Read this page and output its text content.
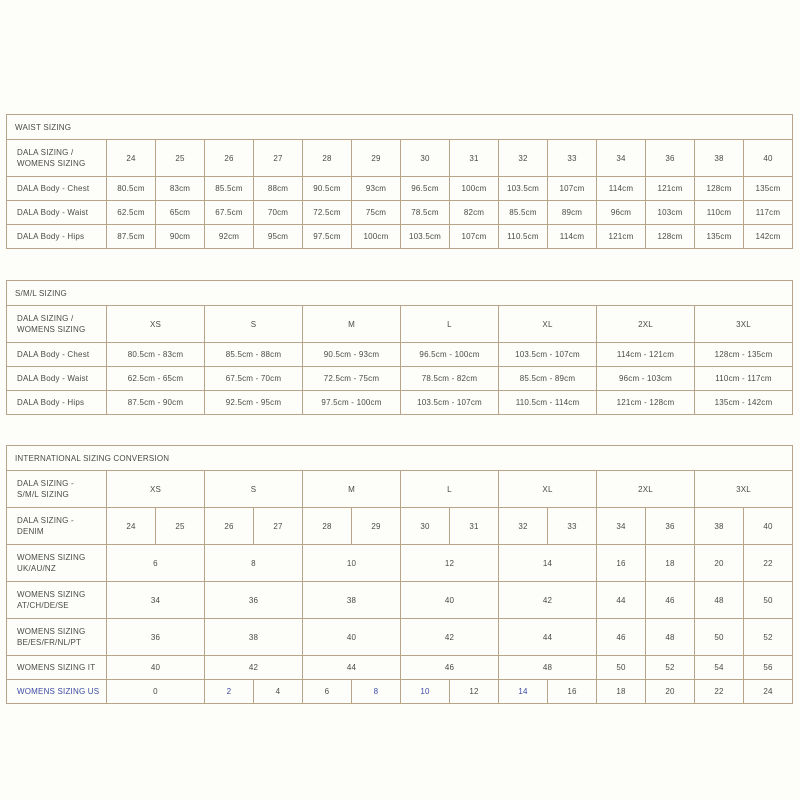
WAIST SIZING														
DALA SIZING /
WOMENS SIZING	24	25	26	27	28	29	30	31	32	33	34	36	38	40
DALA Body - Chest	80.5cm	83cm	85.5cm	88cm	90.5cm	93cm	96.5cm	100cm	103.5cm	107cm	114cm	121cm	128cm	135cm
DALA Body - Waist	62.5cm	65cm	67.5cm	70cm	72.5cm	75cm	78.5cm	82cm	85.5cm	89cm	96cm	103cm	110cm	117cm
DALA Body - Hips	87.5cm	90cm	92cm	95cm	97.5cm	100cm	103.5cm	107cm	110.5cm	114cm	121cm	128cm	135cm	142cm
S/M/L SIZING							
DALA SIZING /
WOMENS SIZING	XS	S	M	L	XL	2XL	3XL
DALA Body - Chest	80.5cm - 83cm	85.5cm - 88cm	90.5cm - 93cm	96.5cm - 100cm	103.5cm - 107cm	114cm - 121cm	128cm - 135cm
DALA Body - Waist	62.5cm - 65cm	67.5cm - 70cm	72.5cm - 75cm	78.5cm - 82cm	85.5cm - 89cm	96cm - 103cm	110cm - 117cm
DALA Body - Hips	87.5cm - 90cm	92.5cm - 95cm	97.5cm - 100cm	103.5cm - 107cm	110.5cm - 114cm	121cm - 128cm	135cm - 142cm
INTERNATIONAL SIZING CONVERSION														
DALA SIZING -
S/M/L SIZING	XS		S		M		L		XL		2XL		3XL	
DALA SIZING -
DENIM	24	25	26	27	28	29	30	31	32	33	34	36	38	40
WOMENS SIZING
UK/AU/NZ	6		8		10		12		14		16	18	20	22
WOMENS SIZING
AT/CH/DE/SE	34		36		38		40		42		44	46	48	50
WOMENS SIZING
BE/ES/FR/NL/PT	36		38		40		42		44		46	48	50	52
WOMENS SIZING IT	40		42		44		46		48		50	52	54	56
WOMENS SIZING US	0		2	4	6	8	10	12	14	16	18	20	22	24
